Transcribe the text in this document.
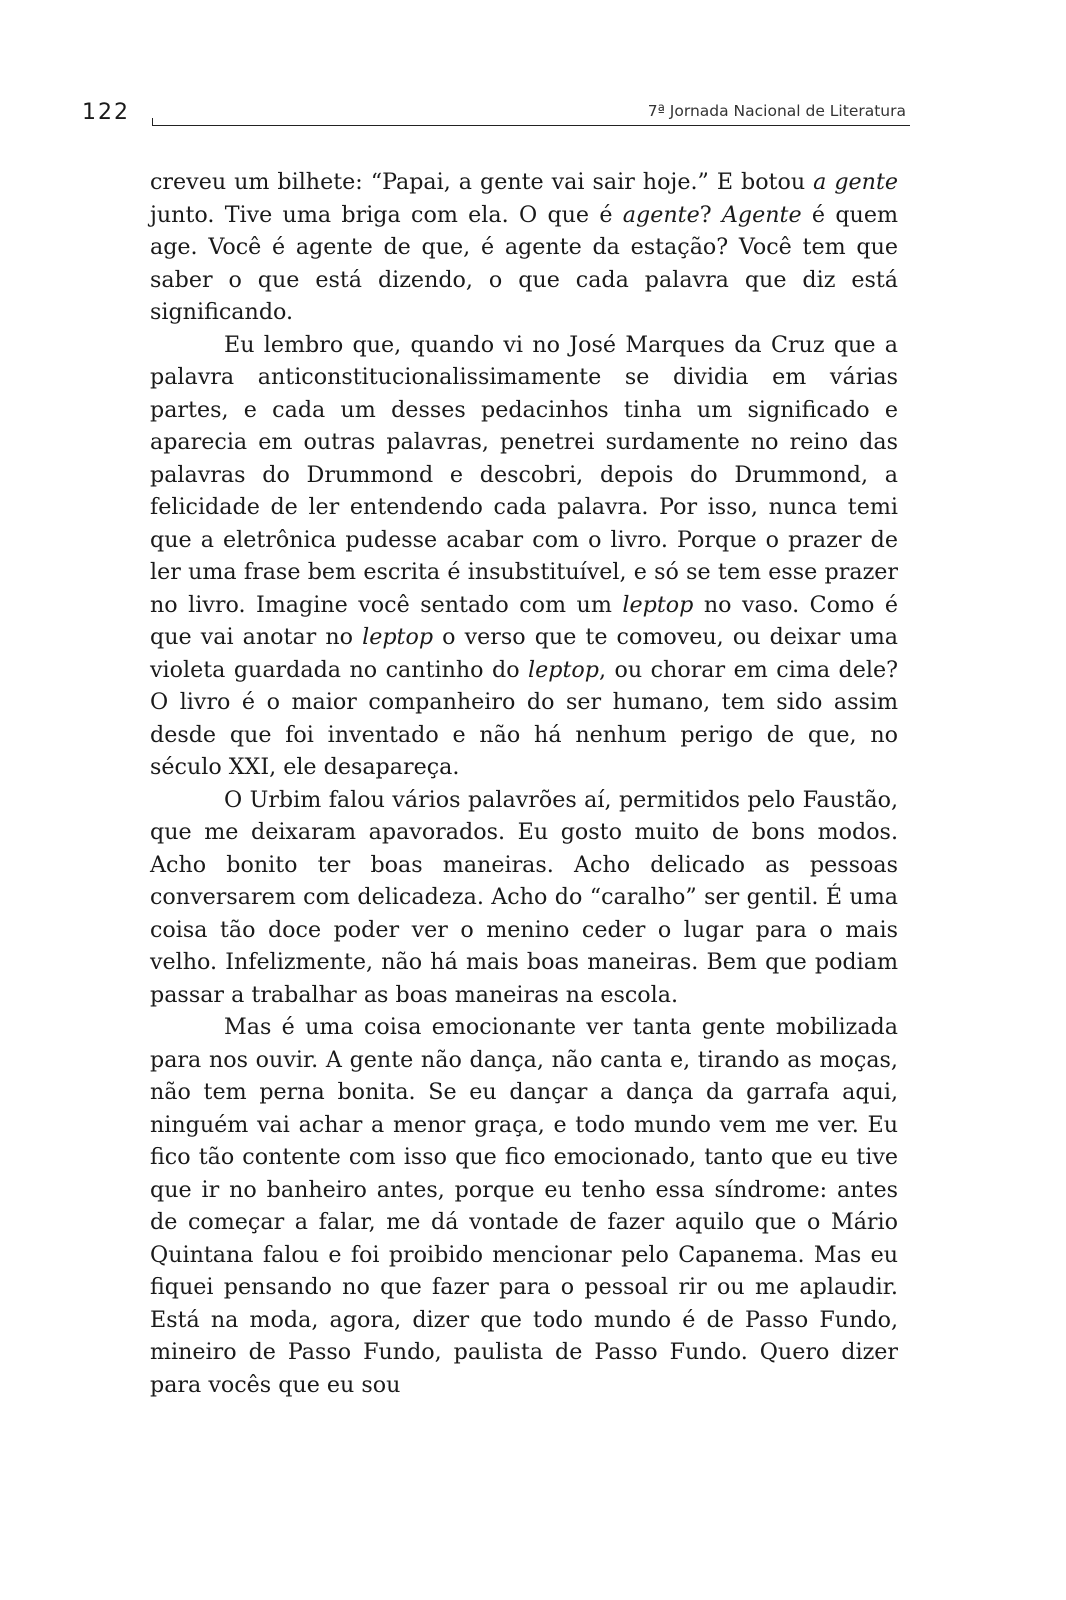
122	7ª Jornada Nacional de Literatura

creveu um bilhete: “Papai, a gente vai sair hoje.” E botou a gente junto. Tive uma briga com ela. O que é agente? Agente é quem age. Você é agente de que, é agente da estação? Você tem que saber o que está dizendo, o que cada palavra que diz está significando.

Eu lembro que, quando vi no José Marques da Cruz que a palavra anticonstitucionalissimamente se dividia em várias partes, e cada um desses pedacinhos tinha um significado e aparecia em outras palavras, penetrei surdamente no reino das palavras do Drummond e descobri, depois do Drummond, a felicidade de ler entendendo cada palavra. Por isso, nunca temi que a eletrônica pudesse acabar com o livro. Porque o prazer de ler uma frase bem escrita é insubstituível, e só se tem esse prazer no livro. Imagine você sentado com um leptop no vaso. Como é que vai anotar no leptop o verso que te comoveu, ou deixar uma violeta guardada no cantinho do leptop, ou chorar em cima dele? O livro é o maior companheiro do ser humano, tem sido assim desde que foi inventado e não há nenhum perigo de que, no século XXI, ele desapareça.

O Urbim falou vários palavrões aí, permitidos pelo Faustão, que me deixaram apavorados. Eu gosto muito de bons modos. Acho bonito ter boas maneiras. Acho delicado as pessoas conversarem com delicadeza. Acho do “caralho” ser gentil. É uma coisa tão doce poder ver o menino ceder o lugar para o mais velho. Infelizmente, não há mais boas maneiras. Bem que podiam passar a trabalhar as boas maneiras na escola.

Mas é uma coisa emocionante ver tanta gente mobilizada para nos ouvir. A gente não dança, não canta e, tirando as moças, não tem perna bonita. Se eu dançar a dança da garrafa aqui, ninguém vai achar a menor graça, e todo mundo vem me ver. Eu fico tão contente com isso que fico emocionado, tanto que eu tive que ir no banheiro antes, porque eu tenho essa síndrome: antes de começar a falar, me dá vontade de fazer aquilo que o Mário Quintana falou e foi proibido mencionar pelo Capanema. Mas eu fiquei pensando no que fazer para o pessoal rir ou me aplaudir. Está na moda, agora, dizer que todo mundo é de Passo Fundo, mineiro de Passo Fundo, paulista de Passo Fundo. Quero dizer para vocês que eu sou
